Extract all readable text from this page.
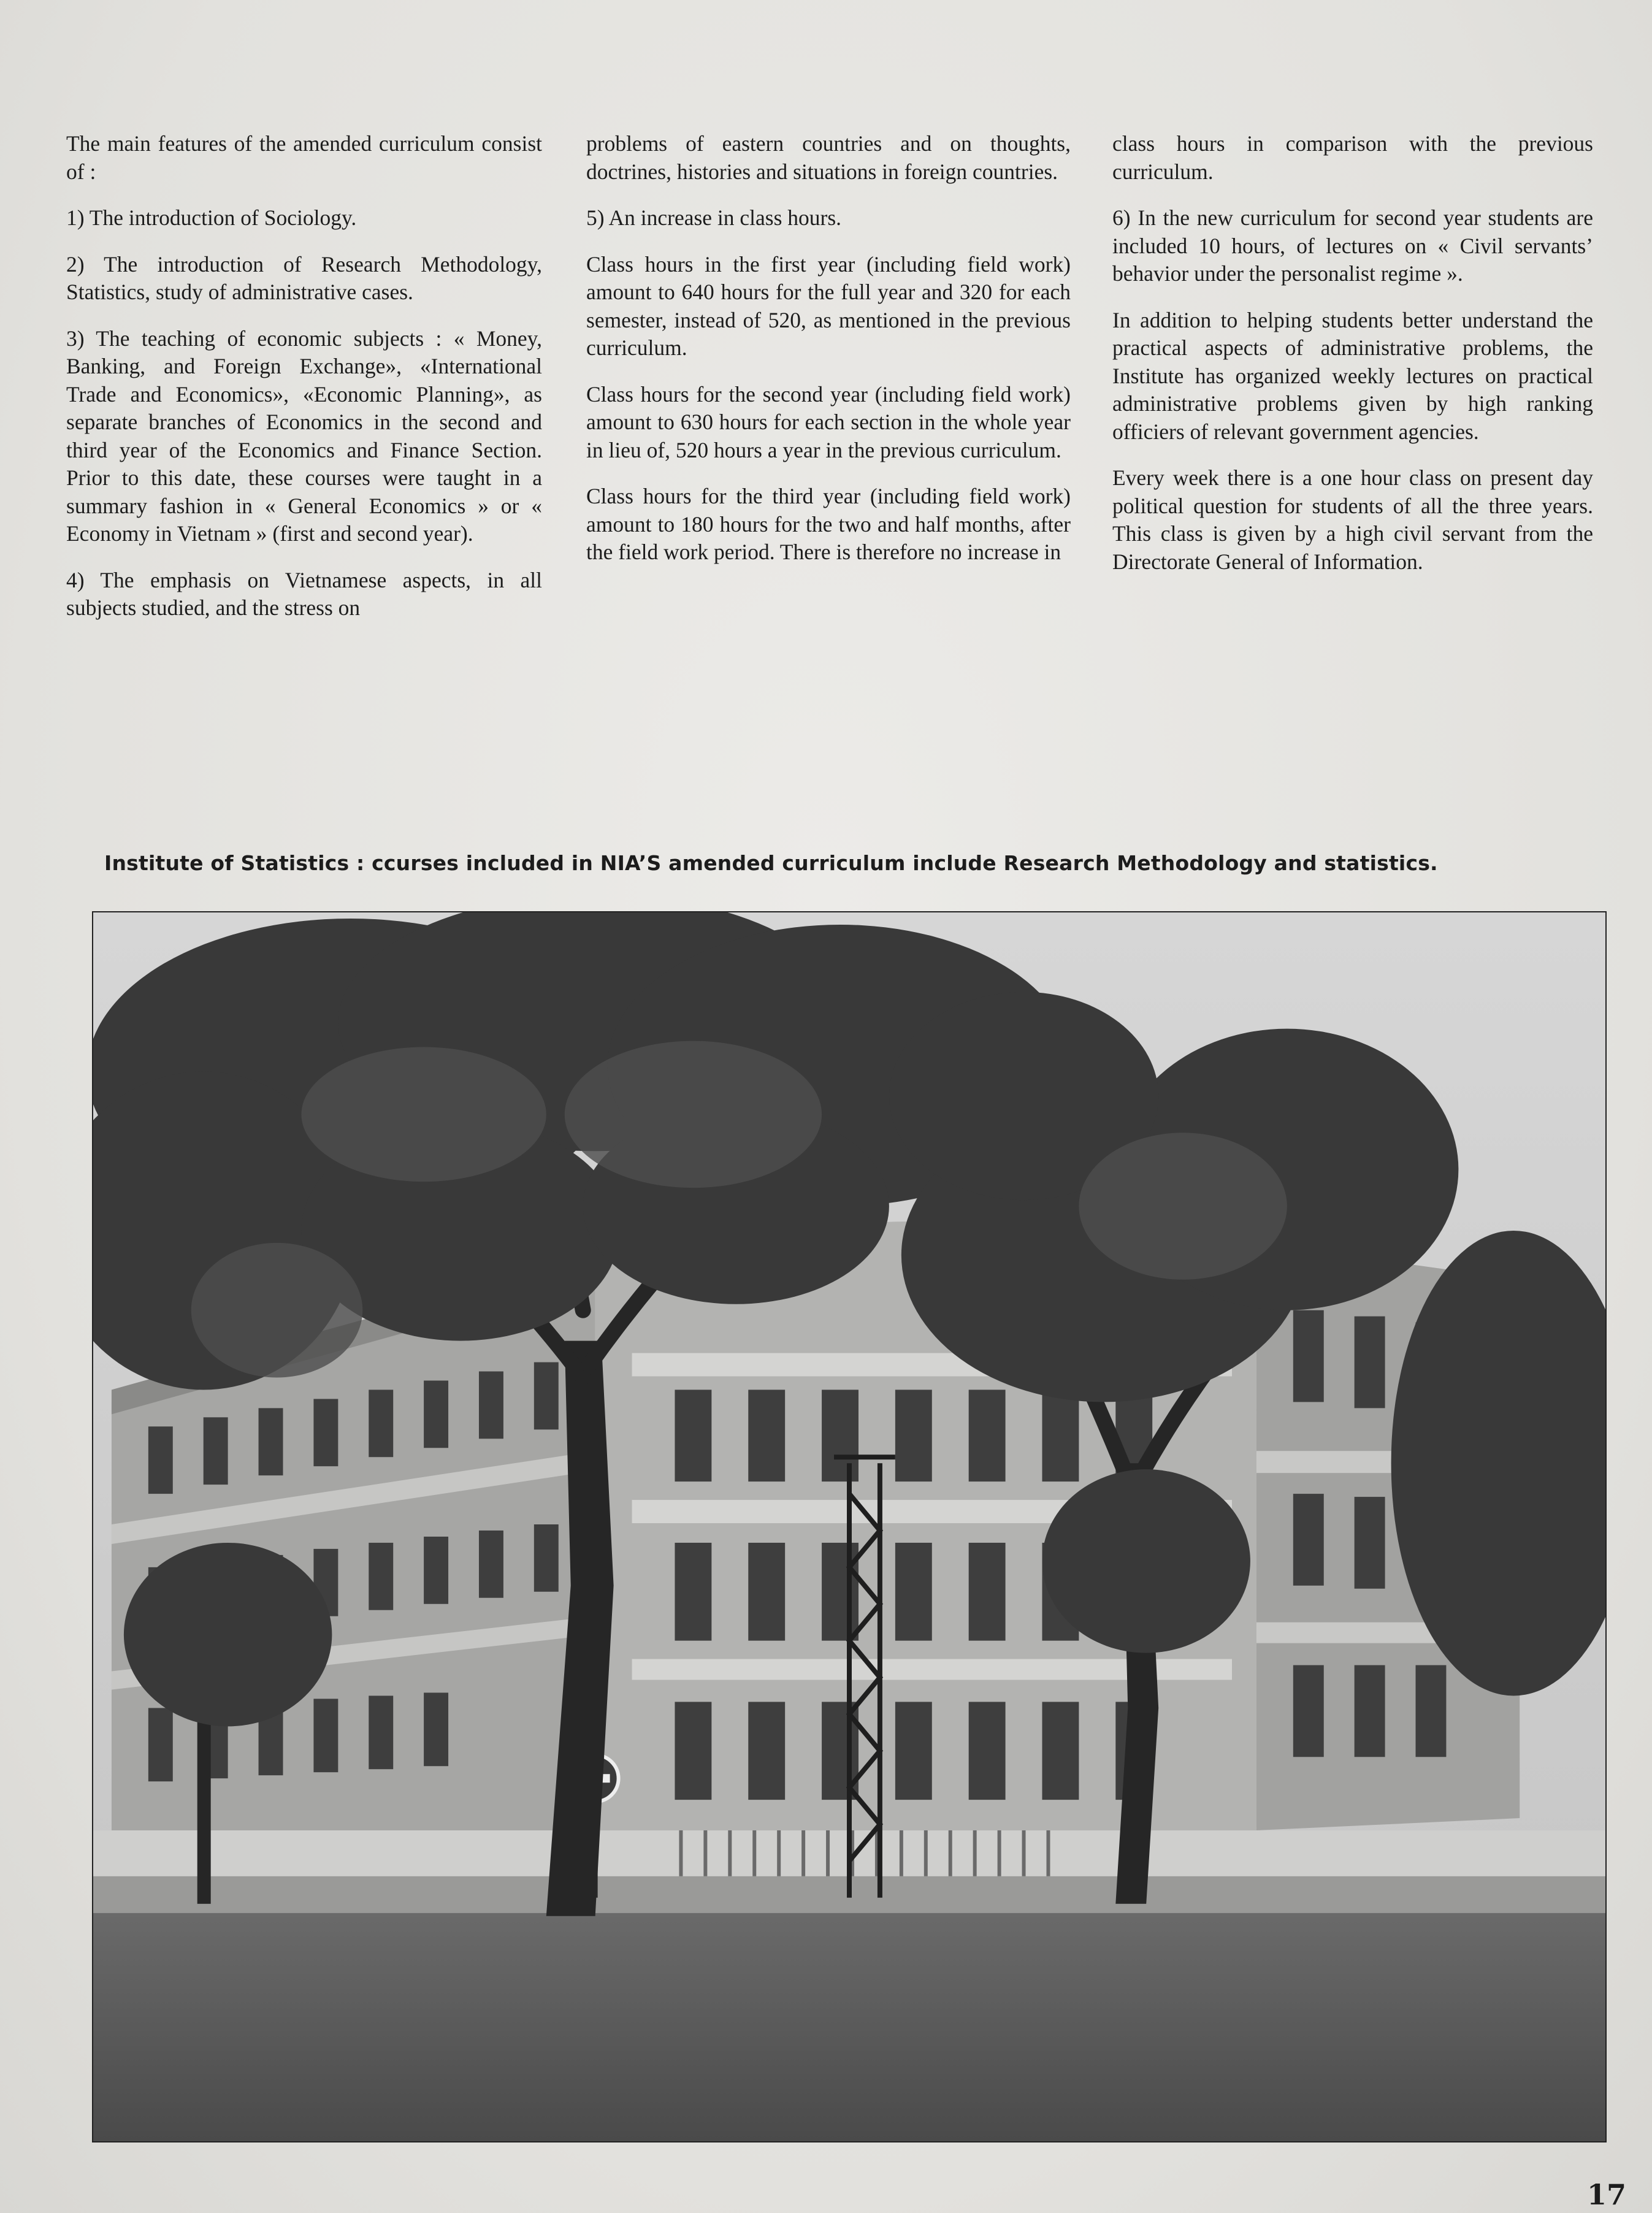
The main features of the amended curriculum consist of :

1) The introduction of Sociology.

2) The introduction of Research Methodology, Statistics, study of administrative cases.

3) The teaching of economic subjects : « Money, Banking, and Foreign Exchange», «International Trade and Economics», «Economic Planning», as separate branches of Economics in the second and third year of the Economics and Finance Section. Prior to this date, these courses were taught in a summary fashion in « General Economics » or « Economy in Vietnam » (first and second year).

4) The emphasis on Vietnamese aspects, in all subjects studied, and the stress on

problems of eastern countries and on thoughts, doctrines, histories and situations in foreign countries.

5) An increase in class hours.

Class hours in the first year (including field work) amount to 640 hours for the full year and 320 for each semester, instead of 520, as mentioned in the previous curriculum.

Class hours for the second year (including field work) amount to 630 hours for each section in the whole year in lieu of, 520 hours a year in the previous curriculum.

Class hours for the third year (including field work) amount to 180 hours for the two and half months, after the field work period. There is therefore no increase in

class hours in comparison with the previous curriculum.

6) In the new curriculum for second year students are included 10 hours, of lectures on « Civil servants’ behavior under the personalist regime ».

In addition to helping students better understand the practical aspects of administrative problems, the Institute has organized weekly lectures on practical administrative problems given by high ranking officiers of relevant government agencies.

Every week there is a one hour class on present day political question for students of all the three years. This class is given by a high civil servant from the Directorate General of Information.

Institute of Statistics : ccurses included in NIA’S amended curriculum include Research Methodology and statistics.
17
